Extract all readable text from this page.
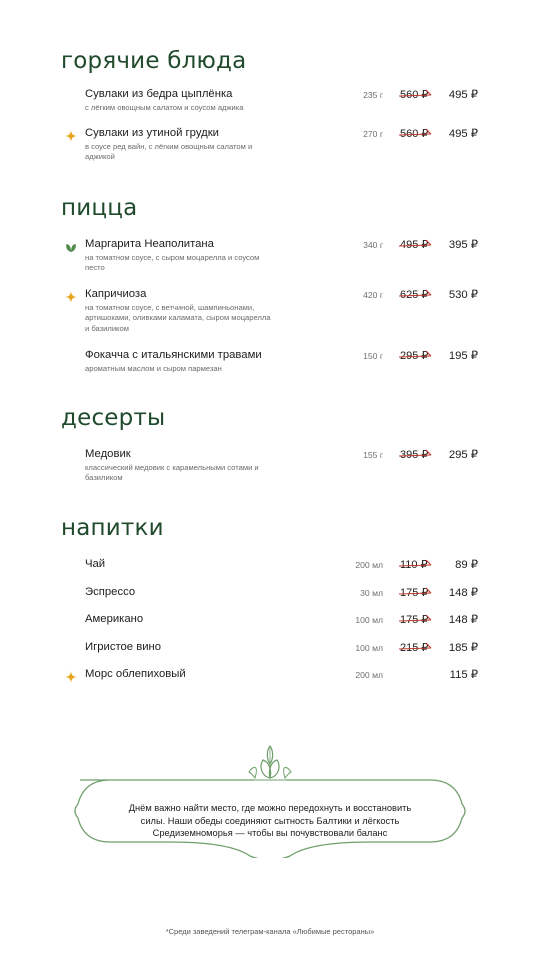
горячие блюда
Сувлаки из бедра цыплёнка
с лёгким овощным салатом и соусом аджика
235 г 560 ₽ 495 ₽
Сувлаки из утиной грудки
в соусе ред вайн, с лёгким овощным салатом и аджикой
270 г 560 ₽ 495 ₽
пицца
Маргарита Неаполитана
на томатном соусе, с сыром моцарелла и соусом песто
340 г 495 ₽ 395 ₽
Капричиоза
на томатном соусе, с ветчиной, шампиньонами, артишоками, оливками каламата, сыром моцарелла и базиликом
420 г 625 ₽ 530 ₽
Фокачча с итальянскими травами
ароматным маслом и сыром пармезан
150 г 295 ₽ 195 ₽
десерты
Медовик
классический медовик с карамельными сотами и базиликом
155 г 395 ₽ 295 ₽
напитки
Чай	200 мл 110 ₽ 89 ₽
Эспрессо	30 мл 175 ₽ 148 ₽
Американо	100 мл 175 ₽ 148 ₽
Игристое вино	100 мл 215 ₽ 185 ₽
Морс облепиховый	200 мл	115 ₽
Днём важно найти место, где можно передохнуть и восстановить
силы. Наши обеды соединяют сытность Балтики и лёгкость
Средиземноморья — чтобы вы почувствовали баланс
*Среди заведений телеграм-канала «Любимые рестораны»
